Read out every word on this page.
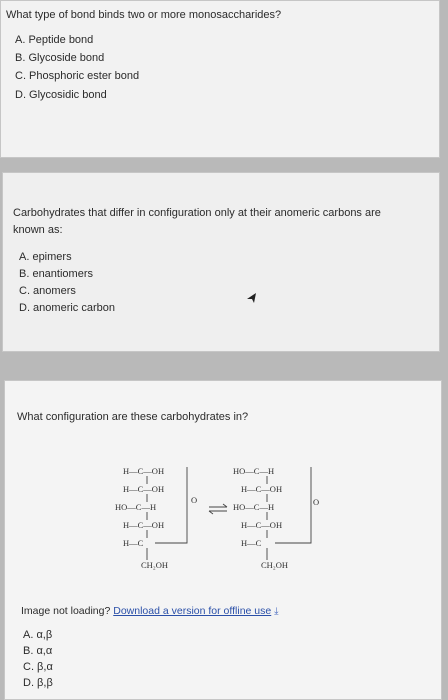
What type of bond binds two or more monosaccharides?
A. Peptide bond
B. Glycoside bond
C. Phosphoric ester bond
D. Glycosidic bond
Carbohydrates that differ in configuration only at their anomeric carbons are
known as:
A. epimers
B. enantiomers
C. anomers
D. anomeric carbon
What configuration are these carbohydrates in?
H—C—OH
H—C—OH
HO—C—H
H—C—OH
H—C
CH₂OH
O
HO—C—H
H—C—OH
HO—C—H
H—C—OH
H—C
CH₂OH
O
Image not loading? Download a version for offline use ⤓
A. α,β
B. α,α
C. β,α
D. β,β
